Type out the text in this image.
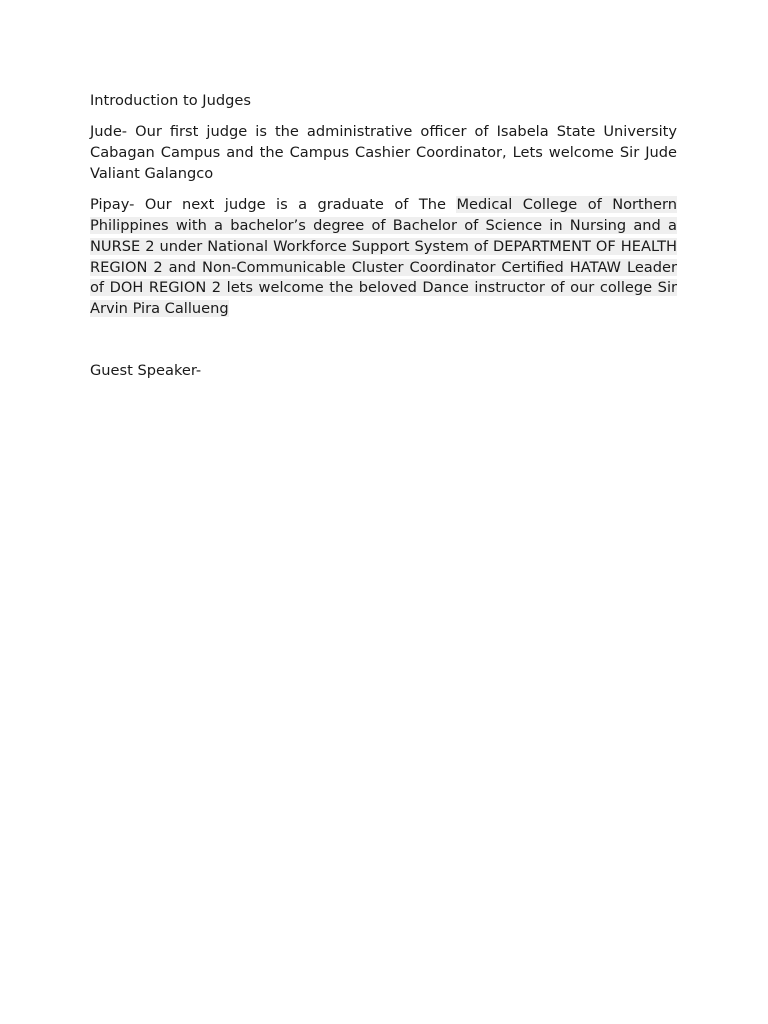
Introduction to Judges

Jude- Our first judge is the administrative officer of Isabela State University Cabagan Campus and the Campus Cashier Coordinator, Lets welcome Sir Jude Valiant Galangco

Pipay- Our next judge is a graduate of The Medical College of Northern Philippines with a bachelor’s degree of Bachelor of Science in Nursing and a NURSE 2 under National Workforce Support System of DEPARTMENT OF HEALTH REGION 2 and Non-Communicable Cluster Coordinator Certified HATAW Leader of DOH REGION 2 lets welcome the beloved Dance instructor of our college Sir Arvin Pira Callueng

Guest Speaker-
